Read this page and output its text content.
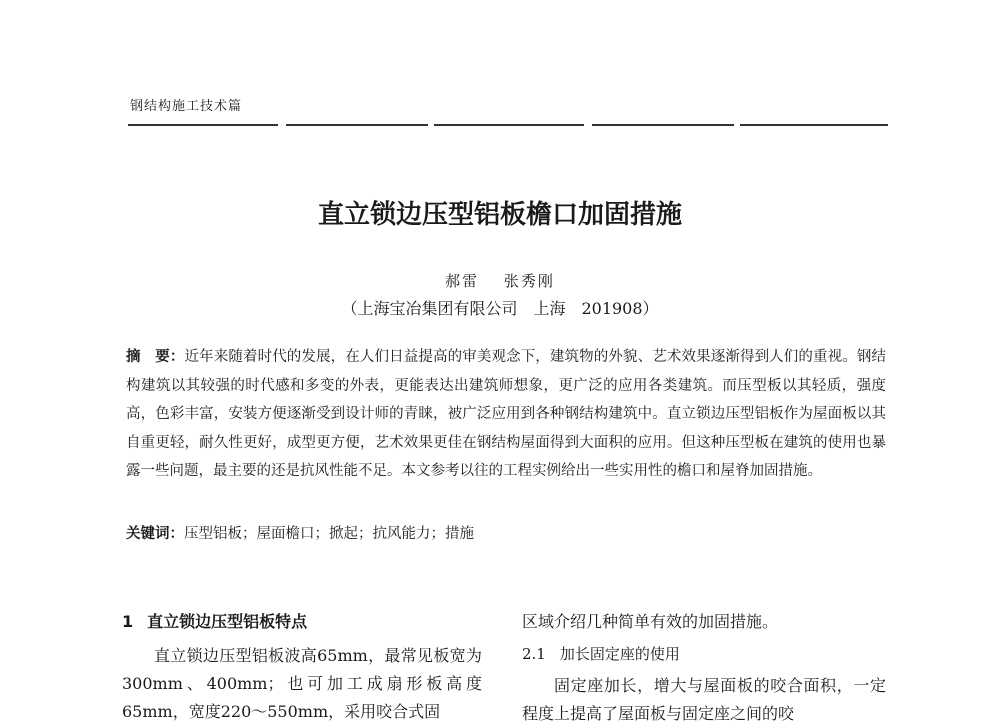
钢结构施工技术篇
直立锁边压型铝板檐口加固措施
郝雷 张秀刚
（上海宝冶集团有限公司　上海　201908）
摘　要：近年来随着时代的发展，在人们日益提高的审美观念下，建筑物的外貌、艺术效果逐渐得到人们的重视。钢结构建筑以其较强的时代感和多变的外表，更能表达出建筑师想象，更广泛的应用各类建筑。而压型板以其轻质，强度高，色彩丰富，安装方便逐渐受到设计师的青睐，被广泛应用到各种钢结构建筑中。直立锁边压型铝板作为屋面板以其自重更轻，耐久性更好，成型更方便，艺术效果更佳在钢结构屋面得到大面积的应用。但这种压型板在建筑的使用也暴露一些问题，最主要的还是抗风性能不足。本文参考以往的工程实例给出一些实用性的檐口和屋脊加固措施。
关键词：压型铝板；屋面檐口；掀起；抗风能力；措施
1 直立锁边压型铝板特点

直立锁边压型铝板波高65mm，最常见板宽为300mm、400mm；也可加工成扇形板高度65mm，宽度220～550mm，采用咬合式固

区域介绍几种简单有效的加固措施。

2.1 加长固定座的使用

固定座加长，增大与屋面板的咬合面积，一定程度上提高了屋面板与固定座之间的咬
